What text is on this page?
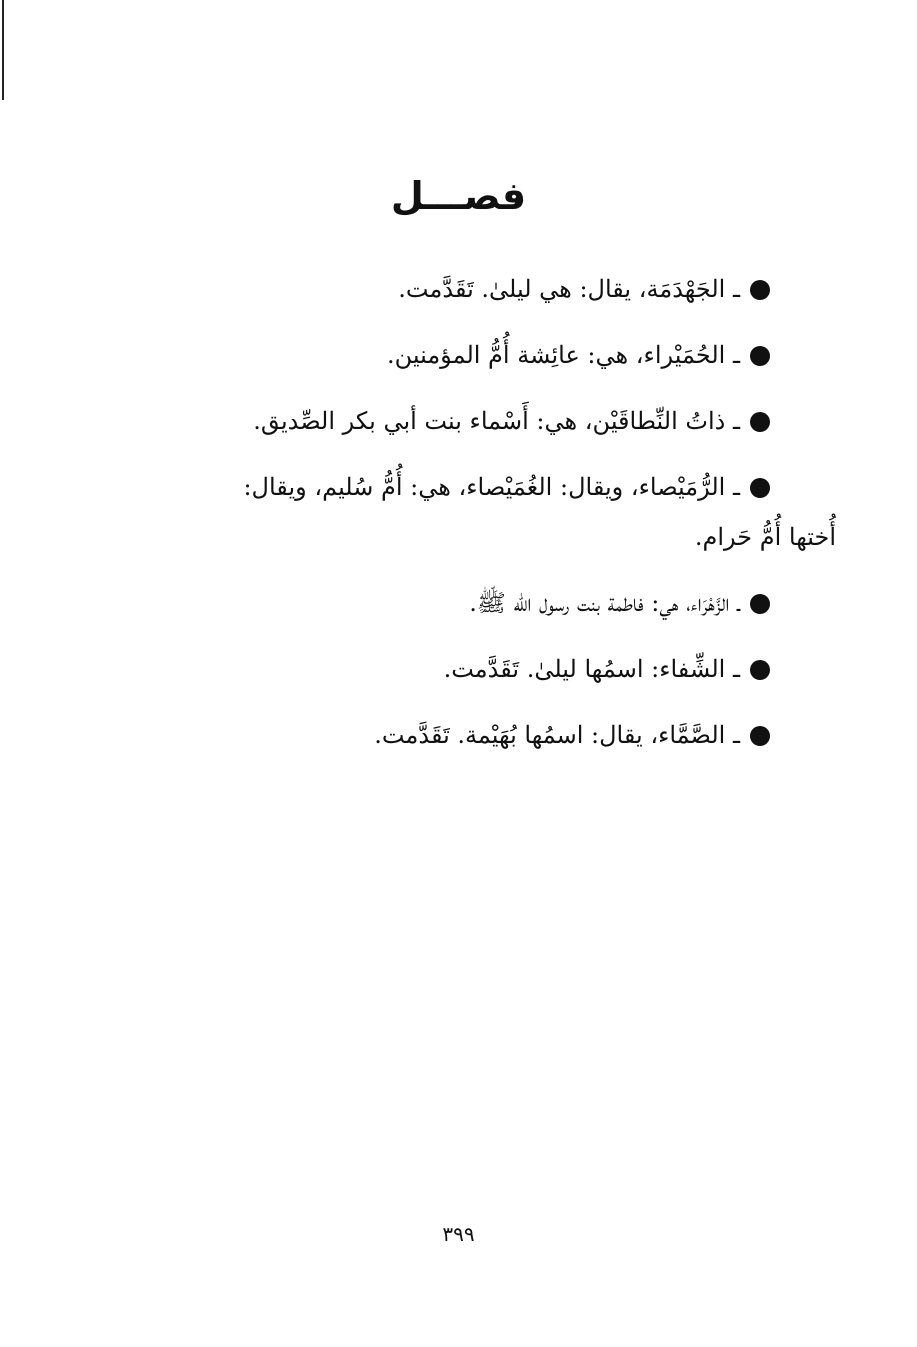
فصـــل

ـ الجَهْدَمَة، يقال: هي ليلىٰ. تَقَدَّمت.

ـ الحُمَيْراء، هي: عائِشة أُمُّ المؤمنين.

ـ ذاتُ النِّطاقَيْن، هي: أَسْماء بنت أبي بكر الصِّديق.

ـ الرُّمَيْصاء، ويقال: الغُمَيْصاء، هي: أُمُّ سُليم، ويقال:
أُختها أُمُّ حَرام.

ـ الزَّهْرَاء، هي: فاطمة بنت رسول الله ﷺ.

ـ الشِّفاء: اسمُها ليلىٰ. تَقَدَّمت.

ـ الصَّمَّاء، يقال: اسمُها بُهَيْمة. تَقَدَّمت.

٣٩٩
